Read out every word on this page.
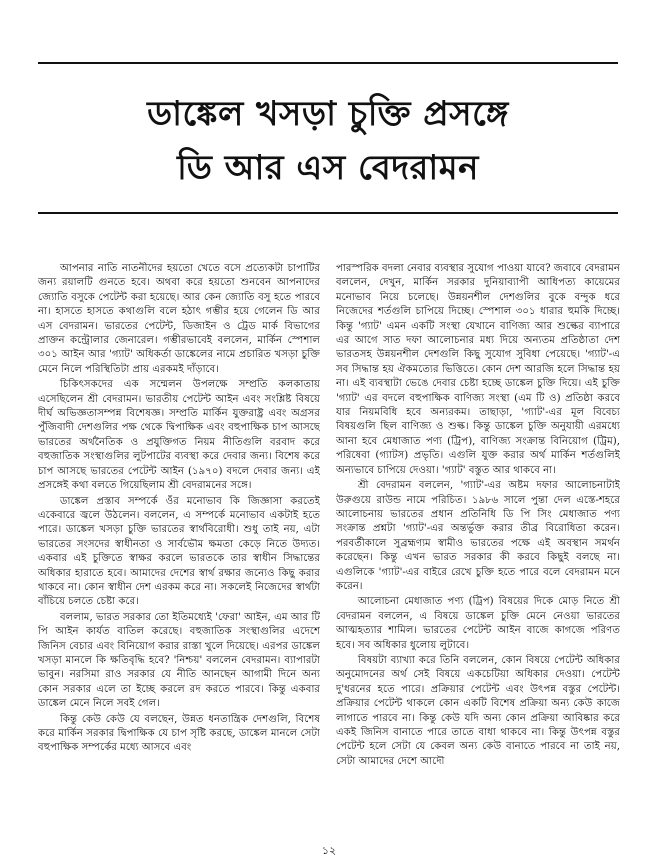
ডাঙ্কেল খসড়া চুক্তি প্রসঙ্গে
ডি আর এস বেদরামন

আপনার নাতি নাতনীদের হয়তো খেতে বসে প্রত্যেকটা চাপাটির জন্য রয়ালটি গুনতে হবে। অথবা করে হয়তো শুনবেন আপনাদের জ্যোতি বসুকে পেটেন্ট করা হয়েছে। আর কেন জ্যোতি বসু হতে পারবে না। হাসতে হাসতে কথাগুলি বলে হঠাৎ গম্ভীর হয়ে গেলেন ডি আর এস বেদরামন। ভারতের পেটেন্ট, ডিজাইন ও ট্রেড মার্ক বিভাগের প্রাক্তন কন্ট্রোলার জেনারেল। গম্ভীরভাবেই বললেন, মার্কিন স্পেশাল ৩০১ আইন আর 'গ্যাট' অধিকর্তা ডাঙ্কেলের নামে প্রচারিত খসড়া চুক্তি মেনে নিলে পরিস্থিতিটা প্রায় এরকমই দাঁড়াবে।

চিকিৎসকদের এক সম্মেলন উপলক্ষে সম্প্রতি কলকাতায় এসেছিলেন শ্রী বেদরামন। ভারতীয় পেটেন্ট আইন এবং সংশ্লিষ্ট বিষয়ে দীর্ঘ অভিজ্ঞতাসম্পন্ন বিশেষজ্ঞ। সম্প্রতি মার্কিন যুক্তরাষ্ট্র এবং অগ্রসর পুঁজিবাদী দেশগুলির পক্ষ থেকে দ্বিপাক্ষিক এবং বহুপাক্ষিক চাপ আসছে ভারতের অর্থনৈতিক ও প্রযুক্তিগত নিয়ম নীতিগুলি বরবাদ করে বহুজাতিক সংস্থাগুলির লুটপাটের ব্যবস্থা করে দেবার জন্য। বিশেষ করে চাপ আসছে ভারতের পেটেন্ট আইন (১৯৭০) বদলে দেবার জন্য। এই প্রসঙ্গেই কথা বলতে গিয়েছিলাম শ্রী বেদরামনের সঙ্গে।

ডাঙ্কেল প্রস্তাব সম্পর্কে ওঁর মনোভাব কি জিজ্ঞাসা করতেই একেবারে জ্বলে উঠলেন। বললেন, এ সম্পর্কে মনোভাব একটাই হতে পারে। ডাঙ্কেল খসড়া চুক্তি ভারতের স্বার্থবিরোধী। শুধু তাই নয়, এটা ভারতের সংসদের স্বাধীনতা ও সার্বভৌম ক্ষমতা কেড়ে নিতে উদ্যত। একবার এই চুক্তিতে স্বাক্ষর করলে ভারতকে তার স্বাধীন সিদ্ধান্তের অধিকার হারাতে হবে। আমাদের দেশের স্বার্থ রক্ষার জন্যেও কিছু করার থাকবে না। কোন স্বাধীন দেশ এরকম করে না। সকলেই নিজেদের স্বার্থটা বাঁচিয়ে চলতে চেষ্টা করে।

বললাম, ভারত সরকার তো ইতিমধ্যেই 'ফেরা' আইন, এম আর টি পি আইন কার্যত বাতিল করেছে। বহুজাতিক সংস্থাগুলির এদেশে জিনিস বেচার এবং বিনিয়োগ করার রাস্তা খুলে দিয়েছে। এরপর ডাঙ্কেল খসড়া মানলে কি ক্ষতিবৃদ্ধি হবে? 'নিশ্চয়' বললেন বেদরামন। ব্যাপারটা ভাবুন। নরসিমা রাও সরকার যে নীতি আনছেন আগামী দিনে অন্য কোন সরকার এলে তা ইচ্ছে করলে রদ করতে পারবে। কিন্তু একবার ডাঙ্কেল মেনে নিলে সবই গেল।

কিন্তু কেউ কেউ যে বলছেন, উন্নত ধনতান্ত্রিক দেশগুলি, বিশেষ করে মার্কিন সরকার দ্বিপাক্ষিক যে চাপ সৃষ্টি করছে, ডাঙ্কেল মানলে সেটা বহুপাক্ষিক সম্পর্কের মধ্যে আসবে এবং

পারস্পরিক বদলা নেবার ব্যবস্থার সুযোগ পাওয়া যাবে? জবাবে বেদরামন বললেন, দেখুন, মার্কিন সরকার দুনিয়াব্যাপী আধিপত্য কায়েমের মনোভাব নিয়ে চলেছে। উন্নয়নশীল দেশগুলির বুকে বন্দুক ধরে নিজেদের শর্তগুলি চাপিয়ে দিচ্ছে। স্পেশাল ৩০১ ধারার হুমকি দিচ্ছে। কিন্তু 'গ্যাট' এমন একটি সংস্থা যেখানে বাণিজ্য আর শুল্কের ব্যাপারে এর আগে সাত দফা আলোচনার মধ্য দিয়ে অন্যতম প্রতিষ্ঠাতা দেশ ভারতসহ উন্নয়নশীল দেশগুলি কিছু সুযোগ সুবিধা পেয়েছে। 'গ্যাট'-এ সব সিদ্ধান্ত হয় ঐকমত্যের ভিত্তিতে। কোন দেশ আরজি হলে সিদ্ধান্ত হয় না। এই ব্যবস্থাটা ভেঙে দেবার চেষ্টা হচ্ছে ডাঙ্কেল চুক্তি দিয়ে। এই চুক্তি 'গ্যাট' এর বদলে বহুপাক্ষিক বাণিজ্য সংস্থা (এম টি ও) প্রতিষ্ঠা করবে যার নিয়মবিধি হবে অন্যরকম। তাছাড়া, 'গ্যাট'-এর মূল বিবেচ্য বিষয়গুলি ছিল বাণিজ্য ও শুল্ক। কিন্তু ডাঙ্কেল চুক্তি অনুযায়ী এরমধ্যে আনা হবে মেধাজাত পণ্য (ট্রিপ), বাণিজ্য সংক্রান্ত বিনিয়োগ (ট্রিম), পরিষেবা (গ্যাটস) প্রভৃতি। এগুলি যুক্ত করার অর্থ মার্কিন শর্তগুলিই অন্যভাবে চাপিয়ে দেওয়া। 'গ্যাট' বস্তুত আর থাকবে না।

শ্রী বেদরামন বললেন, 'গ্যাট'-এর অষ্টম দফার আলোচনাটাই উরুগুয়ে রাউন্ড নামে পরিচিত। ১৯৮৬ সালে পুন্তা দেল এস্তে-শহরে আলোচনায় ভারতের প্রধান প্রতিনিধি ডি পি সিং মেধাজাত পণ্য সংক্রান্ত প্রশ্নটা 'গ্যাট'-এর অন্তর্ভুক্ত করার তীব্র বিরোধিতা করেন। পরবর্তীকালে সুব্রহ্মণ্যম স্বামীও ভারতের পক্ষে এই অবস্থান সমর্থন করেছেন। কিন্তু এখন ভারত সরকার কী করবে কিছুই বলছে না। এগুলিকে 'গ্যাট'-এর বাইরে রেখে চুক্তি হতে পারে বলে বেদরামন মনে করেন।

আলোচনা মেধাজাত পণ্য (ট্রিপ) বিষয়ের দিকে মোড় নিতে শ্রী বেদরামন বললেন, এ বিষয়ে ডাঙ্কেল চুক্তি মেনে নেওয়া ভারতের আত্মহত্যার শামিল। ভারতের পেটেন্ট আইন বাজে কাগজে পরিণত হবে। সব অধিকার ধুলোয় লুটাবে।

বিষয়টা ব্যাখ্যা করে তিনি বললেন, কোন বিষয়ে পেটেন্ট অধিকার অনুমোদনের অর্থ সেই বিষয়ে একচেটিয়া অধিকার দেওয়া। পেটেন্ট দু'ধরনের হতে পারে। প্রক্রিয়ার পেটেন্ট এবং উৎপন্ন বস্তুর পেটেন্ট। প্রক্রিয়ার পেটেন্ট থাকলে কোন একটি বিশেষ প্রক্রিয়া অন্য কেউ কাজে লাগাতে পারবে না। কিন্তু কেউ যদি অন্য কোন প্রক্রিয়া আবিষ্কার করে একই জিনিস বানাতে পারে তাতে বাধা থাকবে না। কিন্তু উৎপন্ন বস্তুর পেটেন্ট হলে সেটা যে কেবল অন্য কেউ বানাতে পারবে না তাই নয়, সেটা আমাদের দেশে আদৌ

১২
